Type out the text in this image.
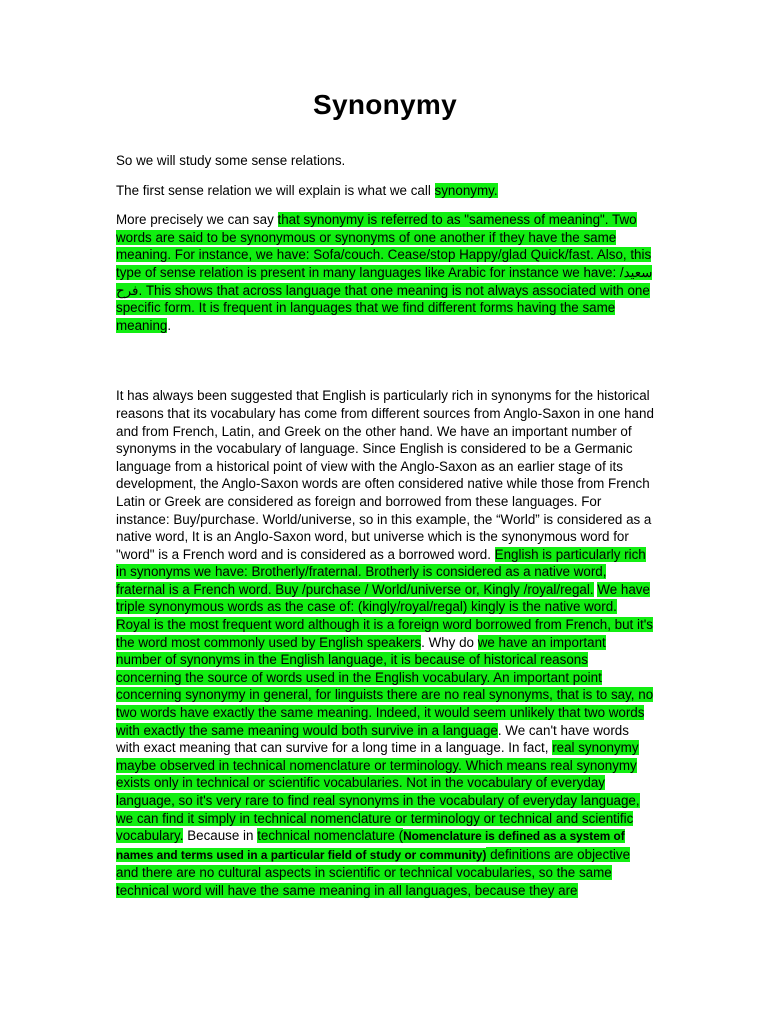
Synonymy

So we will study some sense relations.

The first sense relation we will explain is what we call synonymy.

More precisely we can say that synonymy is referred to as "sameness of meaning". Two words are said to be synonymous or synonyms of one another if they have the same meaning. For instance, we have: Sofa/couch. Cease/stop Happy/glad Quick/fast. Also, this type of sense relation is present in many languages like Arabic for instance we have: سعيد/فرح. This shows that across language that one meaning is not always associated with one specific form. It is frequent in languages that we find different forms having the same meaning.

It has always been suggested that English is particularly rich in synonyms for the historical reasons that its vocabulary has come from different sources from Anglo-Saxon in one hand and from French, Latin, and Greek on the other hand. We have an important number of synonyms in the vocabulary of language. Since English is considered to be a Germanic language from a historical point of view with the Anglo-Saxon as an earlier stage of its development, the Anglo-Saxon words are often considered native while those from French Latin or Greek are considered as foreign and borrowed from these languages. For instance: Buy/purchase. World/universe, so in this example, the “World” is considered as a native word, It is an Anglo-Saxon word, but universe which is the synonymous word for "word" is a French word and is considered as a borrowed word. English is particularly rich in synonyms we have: Brotherly/fraternal. Brotherly is considered as a native word, fraternal is a French word. Buy /purchase / World/universe or, Kingly /royal/regal. We have triple synonymous words as the case of: (kingly/royal/regal) kingly is the native word. Royal is the most frequent word although it is a foreign word borrowed from French, but it's the word most commonly used by English speakers. Why do we have an important number of synonyms in the English language, it is because of historical reasons concerning the source of words used in the English vocabulary. An important point concerning synonymy in general, for linguists there are no real synonyms, that is to say, no two words have exactly the same meaning. Indeed, it would seem unlikely that two words with exactly the same meaning would both survive in a language. We can't have words with exact meaning that can survive for a long time in a language. In fact, real synonymy maybe observed in technical nomenclature or terminology. Which means real synonymy exists only in technical or scientific vocabularies. Not in the vocabulary of everyday language, so it's very rare to find real synonyms in the vocabulary of everyday language, we can find it simply in technical nomenclature or terminology or technical and scientific vocabulary. Because in technical nomenclature (Nomenclature is defined as a system of names and terms used in a particular field of study or community) definitions are objective and there are no cultural aspects in scientific or technical vocabularies, so the same technical word will have the same meaning in all languages, because they are
